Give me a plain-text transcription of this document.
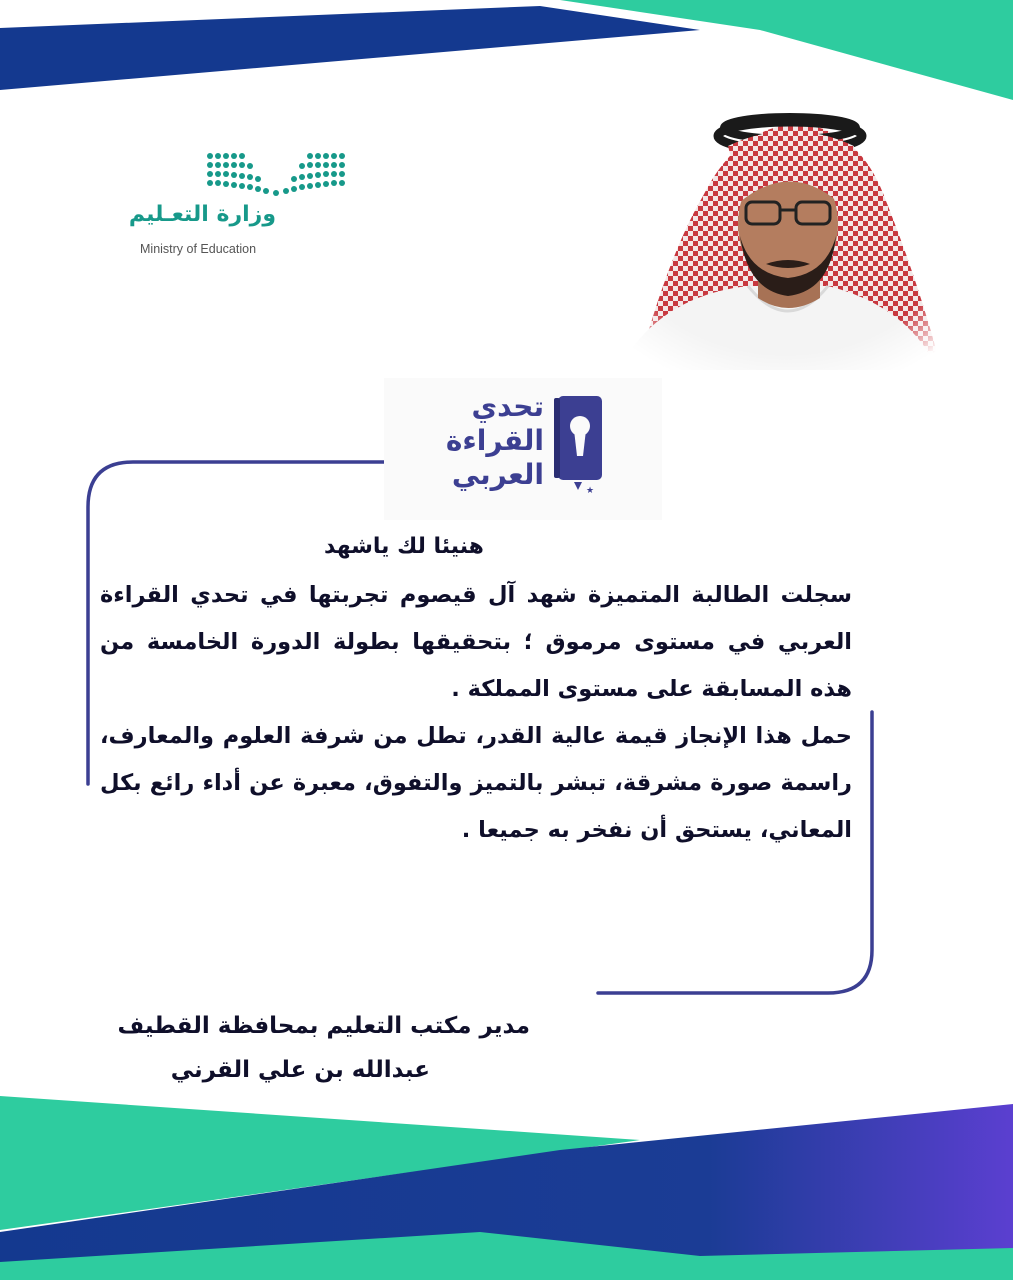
وزارة التعـليم
Ministry of Education
تحدي
القراءة
العربي	★
هنيئا لك ياشهد

سجلت الطالبة المتميزة شهد آل قيصوم تجربتها في تحدي القراءة العربي في مستوى مرموق ؛ بتحقيقها بطولة الدورة الخامسة من هذه المسابقة على مستوى المملكة .

حمل هذا الإنجاز قيمة عالية القدر، تطل من شرفة العلوم والمعارف، راسمة صورة مشرقة، تبشر بالتميز والتفوق، معبرة عن أداء رائع بكل المعاني، يستحق أن نفخر به جميعا .

مدير مكتب التعليم بمحافظة القطيف
عبدالله بن علي القرني
